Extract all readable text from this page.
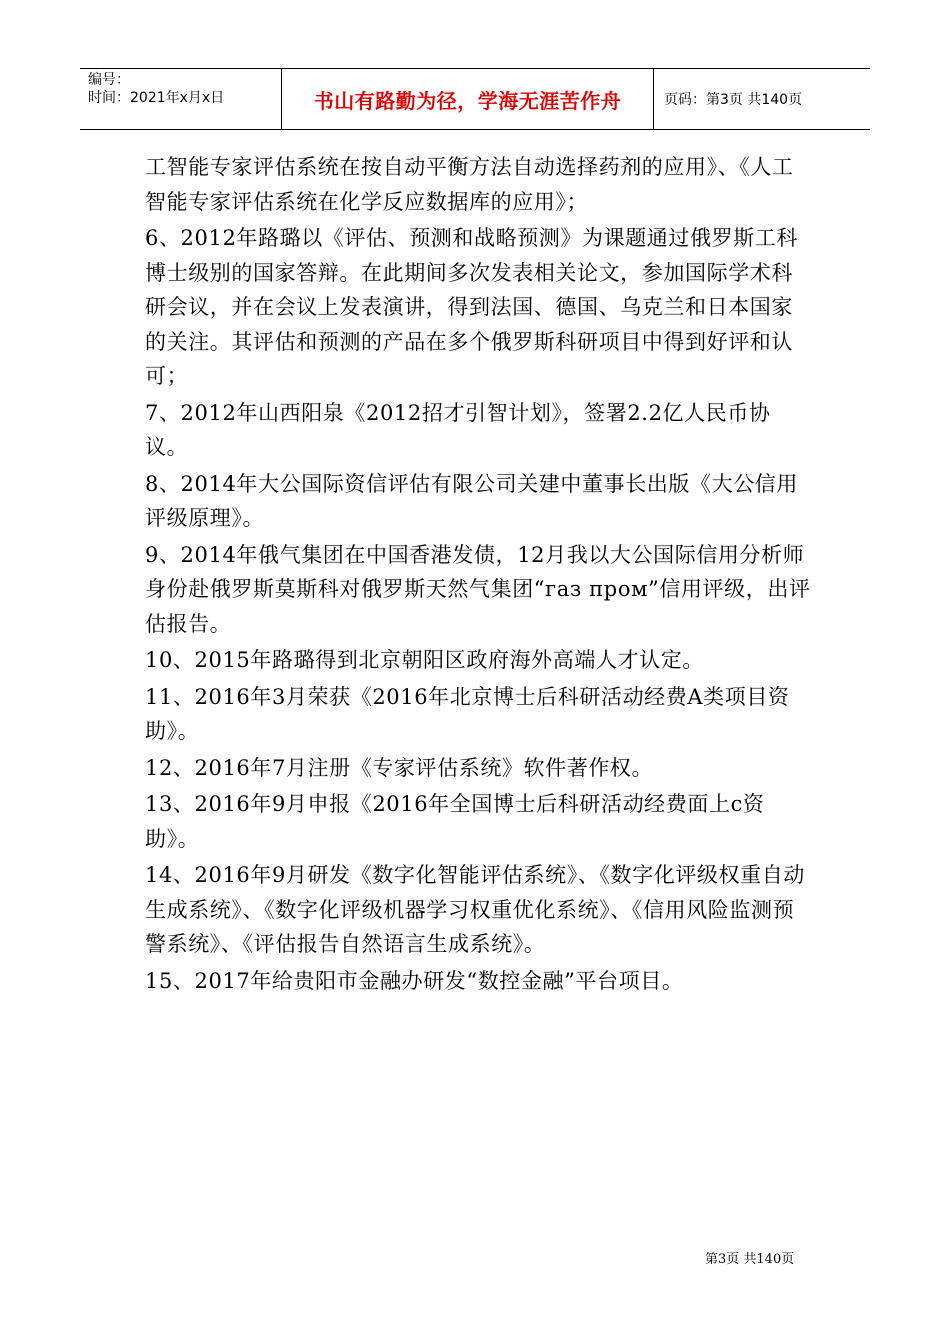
编号：
时间：2021年x月x日	书山有路勤为径，学海无涯苦作舟	页码：第3页 共140页

工智能专家评估系统在按自动平衡方法自动选择药剂的应用》、《人工智能专家评估系统在化学反应数据库的应用》；

6、2012年路璐以《评估、预测和战略预测》为课题通过俄罗斯工科博士级别的国家答辩。在此期间多次发表相关论文，参加国际学术科研会议，并在会议上发表演讲，得到法国、德国、乌克兰和日本国家的关注。其评估和预测的产品在多个俄罗斯科研项目中得到好评和认可；

7、2012年山西阳泉《2012招才引智计划》，签署2.2亿人民币协议。

8、2014年大公国际资信评估有限公司关建中董事长出版《大公信用评级原理》。

9、2014年俄气集团在中国香港发债，12月我以大公国际信用分析师身份赴俄罗斯莫斯科对俄罗斯天然气集团“газ пром”信用评级，出评估报告。

10、2015年路璐得到北京朝阳区政府海外高端人才认定。

11、2016年3月荣获《2016年北京博士后科研活动经费A类项目资助》。

12、2016年7月注册《专家评估系统》软件著作权。

13、2016年9月申报《2016年全国博士后科研活动经费面上c资助》。

14、2016年9月研发《数字化智能评估系统》、《数字化评级权重自动生成系统》、《数字化评级机器学习权重优化系统》、《信用风险监测预警系统》、《评估报告自然语言生成系统》。

15、2017年给贵阳市金融办研发“数控金融”平台项目。

第3页 共140页
